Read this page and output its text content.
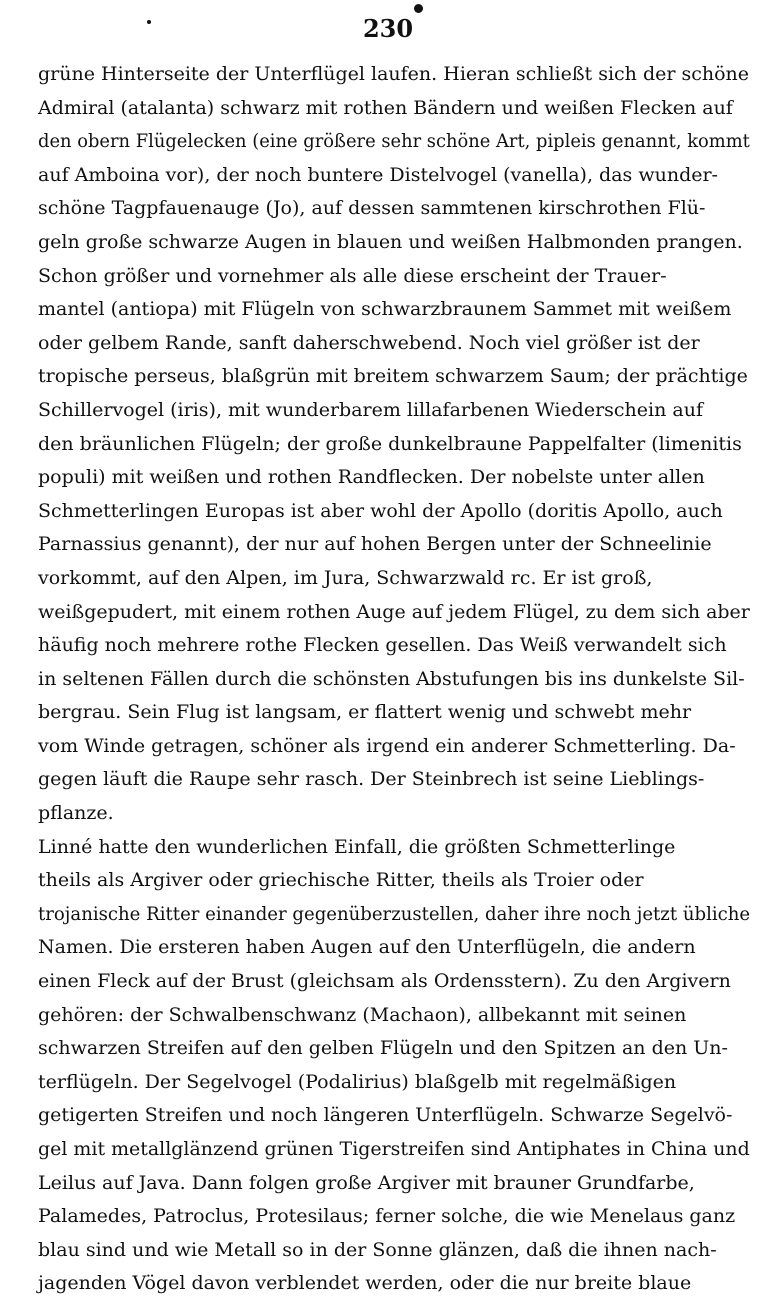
230
grüne Hinterseite der Unterflügel laufen. Hieran schließt sich der schöne
Admiral (atalanta) schwarz mit rothen Bändern und weißen Flecken auf
den obern Flügelecken (eine größere sehr schöne Art, pipleis genannt, kommt
auf Amboina vor), der noch buntere Distelvogel (vanella), das wunder-
schöne Tagpfauenauge (Jo), auf dessen sammtenen kirschrothen Flü-
geln große schwarze Augen in blauen und weißen Halbmonden prangen.
Schon größer und vornehmer als alle diese erscheint der Trauer-
mantel (antiopa) mit Flügeln von schwarzbraunem Sammet mit weißem
oder gelbem Rande, sanft daherschwebend. Noch viel größer ist der
tropische perseus, blaßgrün mit breitem schwarzem Saum; der prächtige
Schillervogel (iris), mit wunderbarem lillafarbenen Wiederschein auf
den bräunlichen Flügeln; der große dunkelbraune Pappelfalter (limenitis
populi) mit weißen und rothen Randflecken. Der nobelste unter allen
Schmetterlingen Europas ist aber wohl der Apollo (doritis Apollo, auch
Parnassius genannt), der nur auf hohen Bergen unter der Schneelinie
vorkommt, auf den Alpen, im Jura, Schwarzwald rc. Er ist groß,
weißgepudert, mit einem rothen Auge auf jedem Flügel, zu dem sich aber
häufig noch mehrere rothe Flecken gesellen. Das Weiß verwandelt sich
in seltenen Fällen durch die schönsten Abstufungen bis ins dunkelste Sil-
bergrau. Sein Flug ist langsam, er flattert wenig und schwebt mehr
vom Winde getragen, schöner als irgend ein anderer Schmetterling. Da-
gegen läuft die Raupe sehr rasch. Der Steinbrech ist seine Lieblings-
pflanze.
Linné hatte den wunderlichen Einfall, die größten Schmetterlinge
theils als Argiver oder griechische Ritter, theils als Troier oder
trojanische Ritter einander gegenüberzustellen, daher ihre noch jetzt übliche
Namen. Die ersteren haben Augen auf den Unterflügeln, die andern
einen Fleck auf der Brust (gleichsam als Ordensstern). Zu den Argivern
gehören: der Schwalbenschwanz (Machaon), allbekannt mit seinen
schwarzen Streifen auf den gelben Flügeln und den Spitzen an den Un-
terflügeln. Der Segelvogel (Podalirius) blaßgelb mit regelmäßigen
getigerten Streifen und noch längeren Unterflügeln. Schwarze Segelvö-
gel mit metallglänzend grünen Tigerstreifen sind Antiphates in China und
Leilus auf Java. Dann folgen große Argiver mit brauner Grundfarbe,
Palamedes, Patroclus, Protesilaus; ferner solche, die wie Menelaus ganz
blau sind und wie Metall so in der Sonne glänzen, daß die ihnen nach-
jagenden Vögel davon verblendet werden, oder die nur breite blaue
